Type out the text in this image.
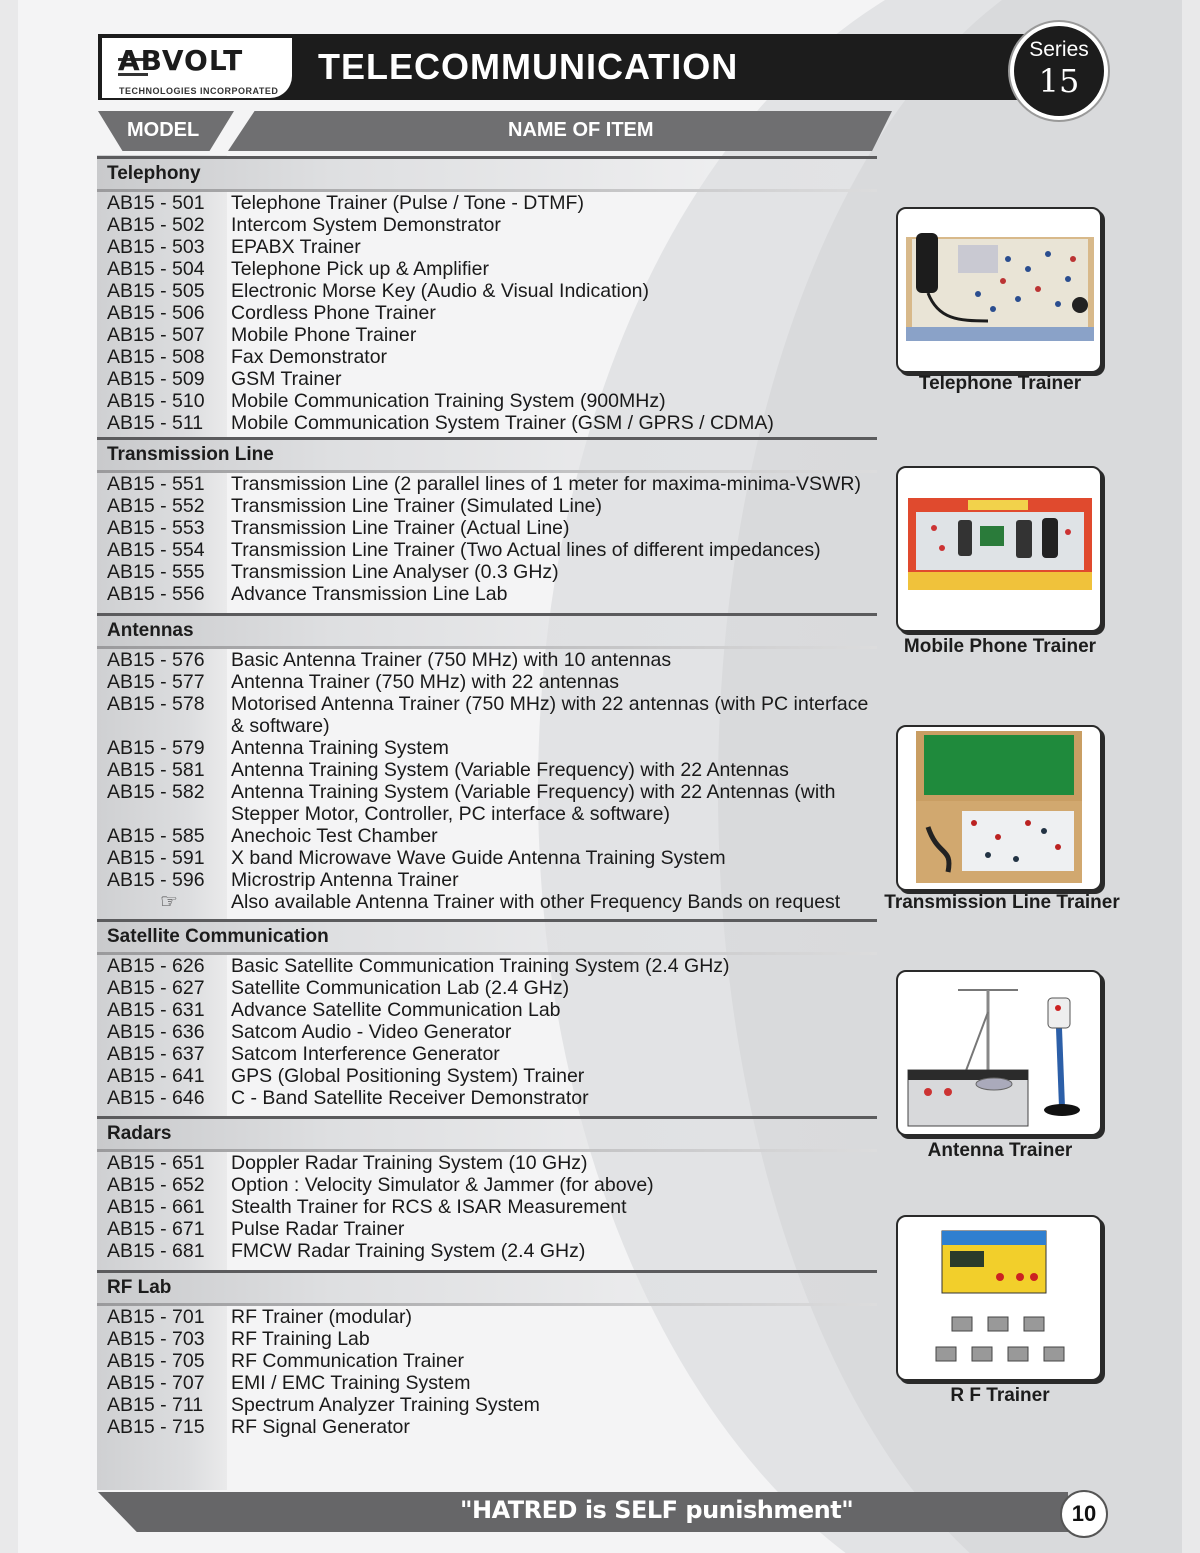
ABVOLT
TECHNOLOGIES INCORPORATED
TELECOMMUNICATION	Series
15
MODEL	NAME OF ITEM
Telephony
AB15 - 501	Telephone Trainer (Pulse / Tone - DTMF)
AB15 - 502	Intercom System Demonstrator
AB15 - 503	EPABX Trainer
AB15 - 504	Telephone Pick up & Amplifier
AB15 - 505	Electronic Morse Key (Audio & Visual Indication)
AB15 - 506	Cordless Phone Trainer
AB15 - 507	Mobile Phone Trainer
AB15 - 508	Fax Demonstrator
AB15 - 509	GSM Trainer
AB15 - 510	Mobile Communication Training System (900MHz)
AB15 - 511	Mobile Communication System Trainer (GSM / GPRS / CDMA)
Transmission Line
AB15 - 551	Transmission Line (2 parallel lines of 1 meter for maxima-minima-VSWR)
AB15 - 552	Transmission Line Trainer (Simulated Line)
AB15 - 553	Transmission Line Trainer (Actual Line)
AB15 - 554	Transmission Line Trainer (Two Actual lines of different impedances)
AB15 - 555	Transmission Line Analyser (0.3 GHz)
AB15 - 556	Advance Transmission Line Lab
Antennas
AB15 - 576	Basic Antenna Trainer (750 MHz) with 10 antennas
AB15 - 577	Antenna Trainer (750 MHz) with 22 antennas
AB15 - 578	Motorised Antenna Trainer (750 MHz) with 22 antennas (with PC interface & software)
AB15 - 579	Antenna Training System
AB15 - 581	Antenna Training System (Variable Frequency) with 22 Antennas
AB15 - 582	Antenna Training System (Variable Frequency) with 22 Antennas (with Stepper Motor, Controller, PC interface & software)
AB15 - 585	Anechoic Test Chamber
AB15 - 591	X band Microwave Wave Guide Antenna Training System
AB15 - 596	Microstrip Antenna Trainer
☞	Also available Antenna Trainer with other Frequency Bands on request
Satellite Communication
AB15 - 626	Basic Satellite Communication Training System (2.4 GHz)
AB15 - 627	Satellite Communication Lab (2.4 GHz)
AB15 - 631	Advance Satellite Communication Lab
AB15 - 636	Satcom Audio - Video Generator
AB15 - 637	Satcom Interference Generator
AB15 - 641	GPS (Global Positioning System) Trainer
AB15 - 646	C - Band Satellite Receiver Demonstrator
Radars
AB15 - 651	Doppler Radar Training System (10 GHz)
AB15 - 652	Option : Velocity Simulator & Jammer (for above)
AB15 - 661	Stealth Trainer for RCS & ISAR Measurement
AB15 - 671	Pulse Radar Trainer
AB15 - 681	FMCW Radar Training System (2.4 GHz)
RF Lab
AB15 - 701	RF Trainer (modular)
AB15 - 703	RF Training Lab
AB15 - 705	RF Communication Trainer
AB15 - 707	EMI / EMC Training System
AB15 - 711	Spectrum Analyzer Training System
AB15 - 715	RF Signal Generator
Telephone Trainer
Mobile Phone Trainer
Transmission Line Trainer
Antenna Trainer
R F Trainer
"HATRED is SELF punishment"	10
